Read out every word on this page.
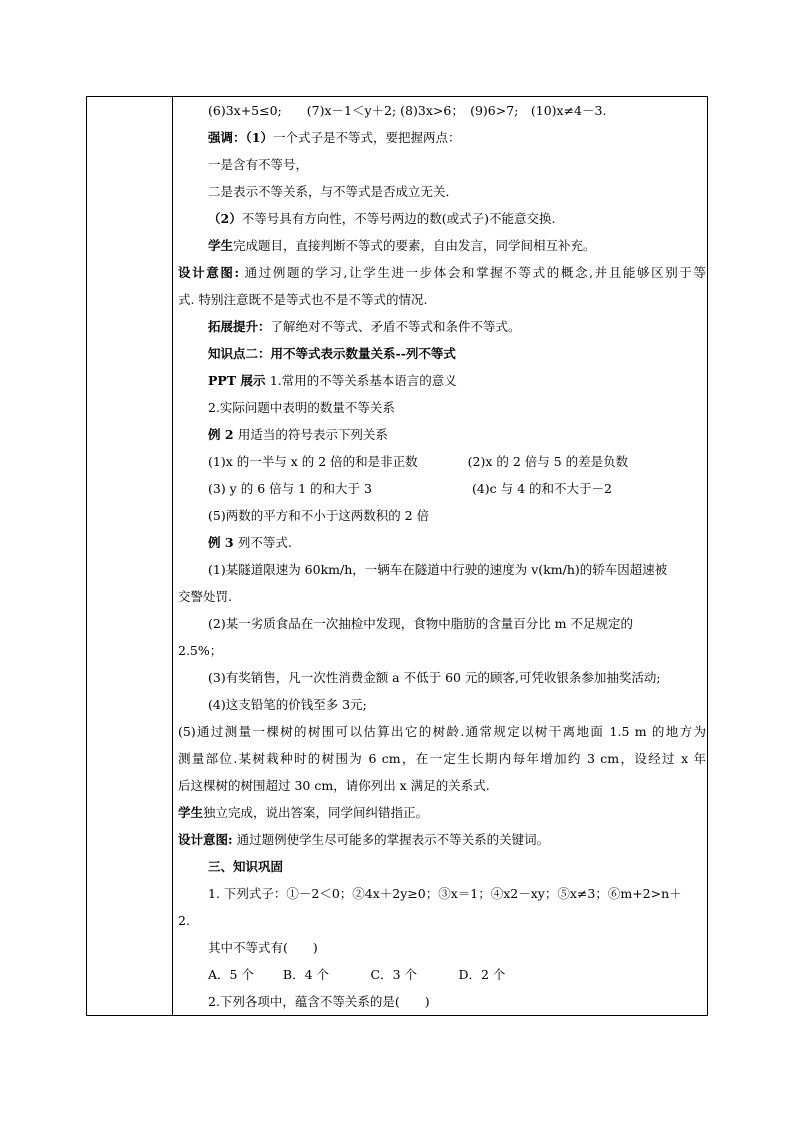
(6)3x+5≤0;　　(7)x－1＜y＋2; (8)3x>6；　(9)6>7;　(10)x≠4－3.
强调：（1）一个式子是不等式，要把握两点：
一是含有不等号，
二是表示不等关系，与不等式是否成立无关．
（2）不等号具有方向性，不等号两边的数(或式子)不能意交换.
学生完成题目，直接判断不等式的要素，自由发言，同学间相互补充。
设计意图: 通过例题的学习,让学生进一步体会和掌握不等式的概念,并且能够区别于等
式. 特别注意既不是等式也不是不等式的情况.
拓展提升：了解绝对不等式、矛盾不等式和条件不等式。
知识点二：用不等式表示数量关系--列不等式
PPT 展示 1.常用的不等关系基本语言的意义
2.实际问题中表明的数量不等关系
例 2 用适当的符号表示下列关系
(1)x 的一半与 x 的 2 倍的和是非正数　　　　(2)x 的 2 倍与 5 的差是负数
(3) y 的 6 倍与 1 的和大于 3　　　　　　　　(4)c 与 4 的和不大于－2
(5)两数的平方和不小于这两数积的 2 倍
例 3 列不等式.
(1)某隧道限速为 60km/h，一辆车在隧道中行驶的速度为 v(km/h)的轿车因超速被
交警处罚.
(2)某一劣质食品在一次抽检中发现，食物中脂肪的含量百分比 m 不足规定的
2.5%；
(3)有奖销售，凡一次性消费金额 a 不低于 60 元的顾客,可凭收银条参加抽奖活动;
(4)这支铅笔的价钱至多 3元;
(5)通过测量一棵树的树围可以估算出它的树龄.通常规定以树干离地面 1.5 m 的地方为
测量部位.某树栽种时的树围为 6 cm，在一定生长期内每年增加约 3 cm，设经过 x 年
后这棵树的树围超过 30 cm，请你列出 x 满足的关系式.
学生独立完成，说出答案，同学间纠错指正。
设计意图: 通过题例使学生尽可能多的掌握表示不等关系的关键词。
三、知识巩固
1. 下列式子：①－2＜0；②4x＋2y≥0；③x＝1；④x2－xy；⑤x≠3；⑥m+2>n＋
2.
其中不等式有(　　)
A．5 个　　 B．4 个　　　 C．3 个　　　 D．2 个
2.下列各项中，蕴含不等关系的是(　　)
